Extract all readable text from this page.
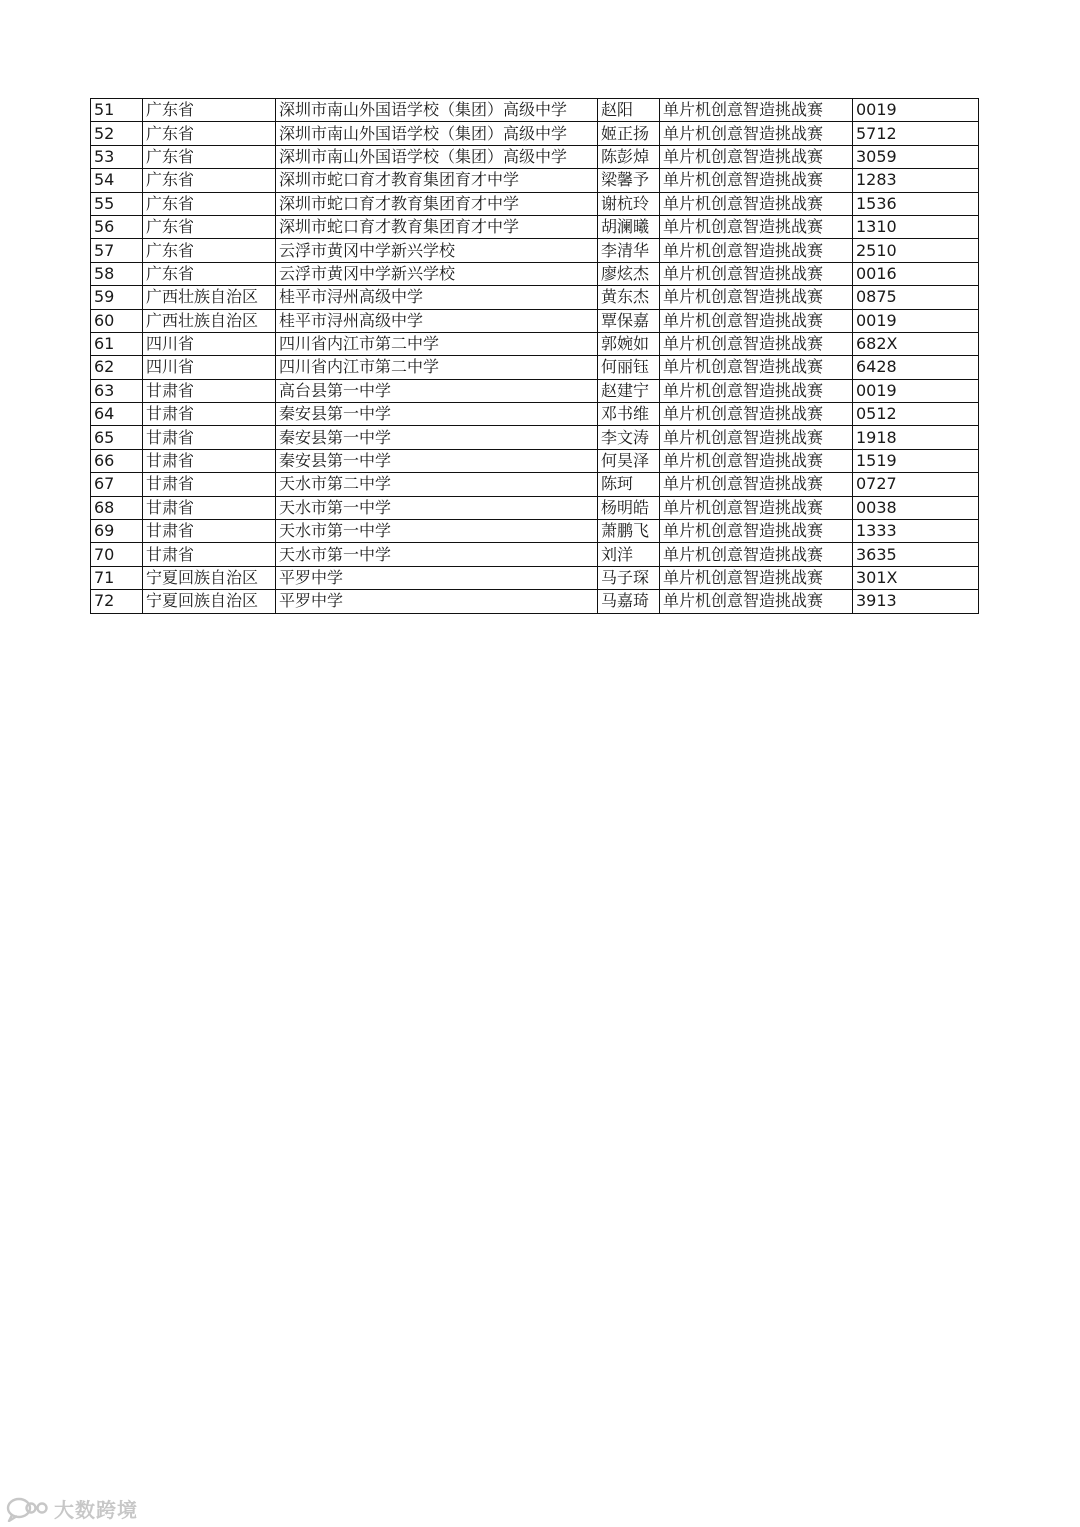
51	广东省	深圳市南山外国语学校（集团）高级中学	赵阳	单片机创意智造挑战赛	0019
52	广东省	深圳市南山外国语学校（集团）高级中学	姬正扬	单片机创意智造挑战赛	5712
53	广东省	深圳市南山外国语学校（集团）高级中学	陈彭焯	单片机创意智造挑战赛	3059
54	广东省	深圳市蛇口育才教育集团育才中学	梁馨予	单片机创意智造挑战赛	1283
55	广东省	深圳市蛇口育才教育集团育才中学	谢杭玲	单片机创意智造挑战赛	1536
56	广东省	深圳市蛇口育才教育集团育才中学	胡澜曦	单片机创意智造挑战赛	1310
57	广东省	云浮市黄冈中学新兴学校	李清华	单片机创意智造挑战赛	2510
58	广东省	云浮市黄冈中学新兴学校	廖炫杰	单片机创意智造挑战赛	0016
59	广西壮族自治区	桂平市浔州高级中学	黄东杰	单片机创意智造挑战赛	0875
60	广西壮族自治区	桂平市浔州高级中学	覃保嘉	单片机创意智造挑战赛	0019
61	四川省	四川省内江市第二中学	郭婉如	单片机创意智造挑战赛	682X
62	四川省	四川省内江市第二中学	何丽钰	单片机创意智造挑战赛	6428
63	甘肃省	高台县第一中学	赵建宁	单片机创意智造挑战赛	0019
64	甘肃省	秦安县第一中学	邓书维	单片机创意智造挑战赛	0512
65	甘肃省	秦安县第一中学	李文涛	单片机创意智造挑战赛	1918
66	甘肃省	秦安县第一中学	何昊泽	单片机创意智造挑战赛	1519
67	甘肃省	天水市第二中学	陈珂	单片机创意智造挑战赛	0727
68	甘肃省	天水市第一中学	杨明皓	单片机创意智造挑战赛	0038
69	甘肃省	天水市第一中学	萧鹏飞	单片机创意智造挑战赛	1333
70	甘肃省	天水市第一中学	刘洋	单片机创意智造挑战赛	3635
71	宁夏回族自治区	平罗中学	马子琛	单片机创意智造挑战赛	301X
72	宁夏回族自治区	平罗中学	马嘉琦	单片机创意智造挑战赛	3913
大数跨境
